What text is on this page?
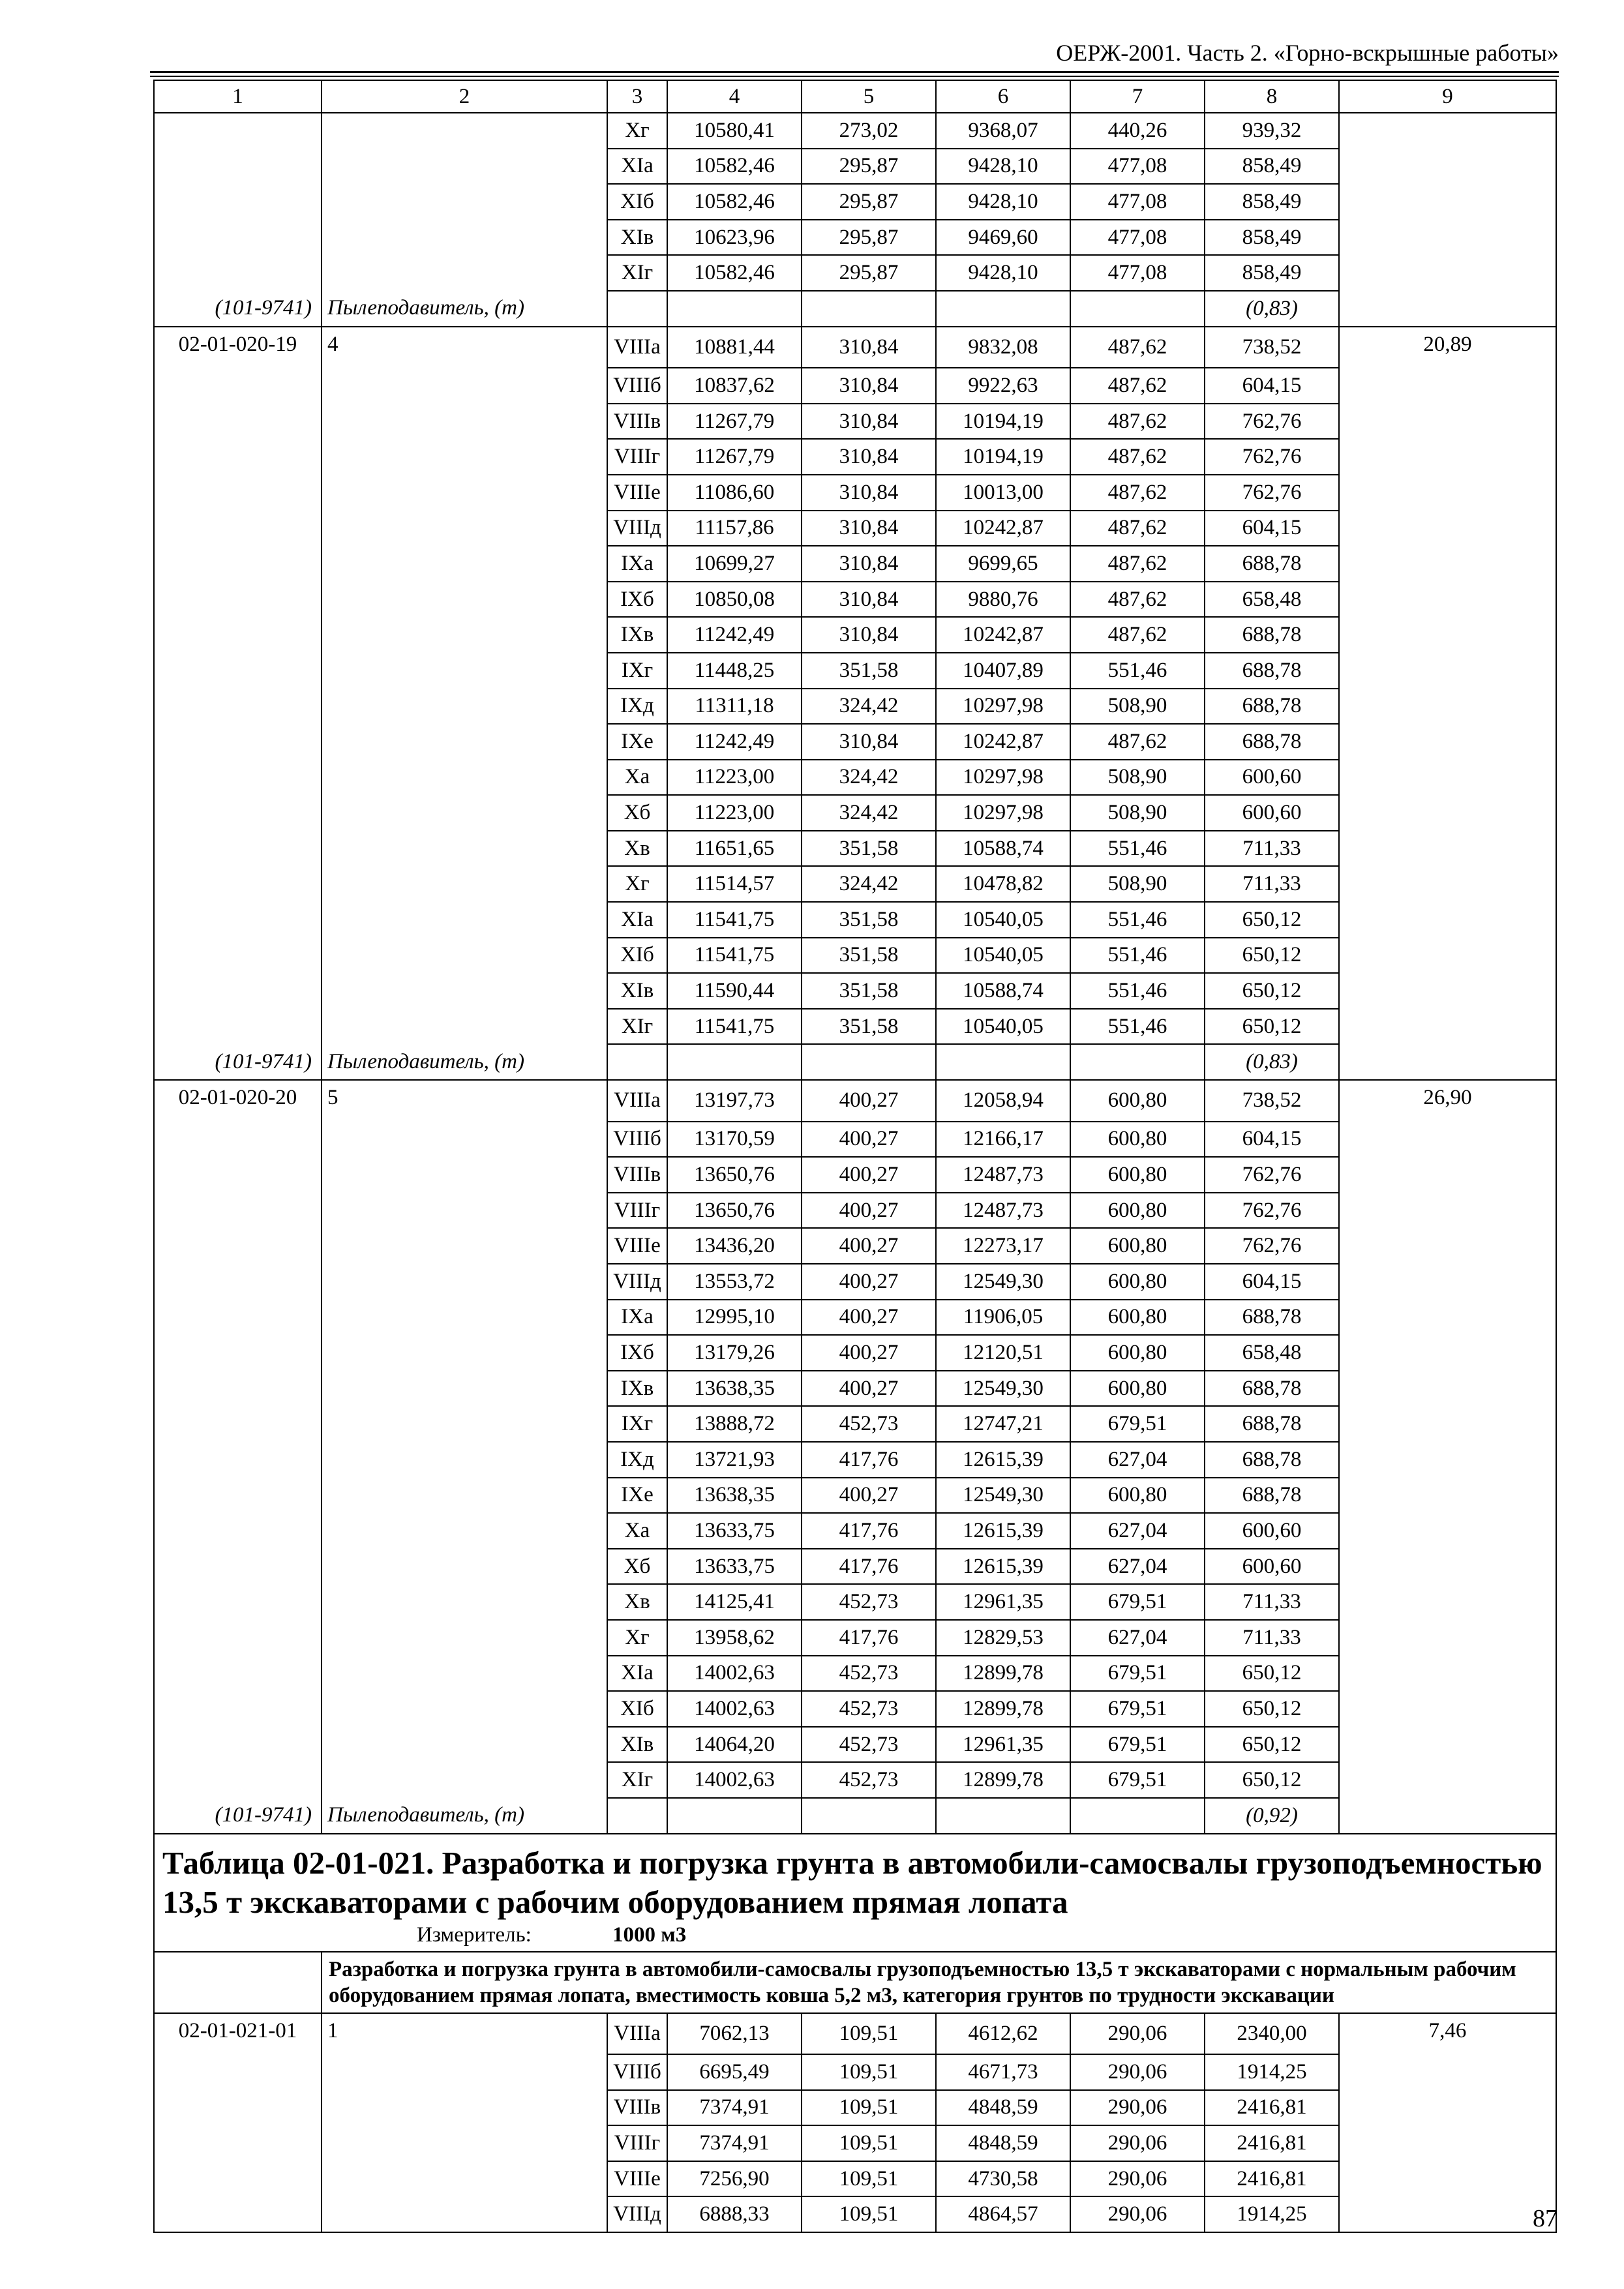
ОЕРЖ-2001. Часть 2. «Горно-вскрышные работы»
1	2	3	4	5	6	7	8	9
		Xг	10580,41	273,02	9368,07	440,26	939,32	
		XIa	10582,46	295,87	9428,10	477,08	858,49	
		XIб	10582,46	295,87	9428,10	477,08	858,49	
		XIв	10623,96	295,87	9469,60	477,08	858,49	
		XIг	10582,46	295,87	9428,10	477,08	858,49	
(101-9741)	Пылеподавитель, (т)						(0,83)	
02-01-020-19	4	VIIIa	10881,44	310,84	9832,08	487,62	738,52	20,89
		VIIIб	10837,62	310,84	9922,63	487,62	604,15	
		VIIIв	11267,79	310,84	10194,19	487,62	762,76	
		VIIIг	11267,79	310,84	10194,19	487,62	762,76	
		VIIIe	11086,60	310,84	10013,00	487,62	762,76	
		VIIIд	11157,86	310,84	10242,87	487,62	604,15	
		IXa	10699,27	310,84	9699,65	487,62	688,78	
		IXб	10850,08	310,84	9880,76	487,62	658,48	
		IXв	11242,49	310,84	10242,87	487,62	688,78	
		IXг	11448,25	351,58	10407,89	551,46	688,78	
		IXд	11311,18	324,42	10297,98	508,90	688,78	
		IXe	11242,49	310,84	10242,87	487,62	688,78	
		Xa	11223,00	324,42	10297,98	508,90	600,60	
		Xб	11223,00	324,42	10297,98	508,90	600,60	
		Xв	11651,65	351,58	10588,74	551,46	711,33	
		Xг	11514,57	324,42	10478,82	508,90	711,33	
		XIa	11541,75	351,58	10540,05	551,46	650,12	
		XIб	11541,75	351,58	10540,05	551,46	650,12	
		XIв	11590,44	351,58	10588,74	551,46	650,12	
		XIг	11541,75	351,58	10540,05	551,46	650,12	
(101-9741)	Пылеподавитель, (т)						(0,83)	
02-01-020-20	5	VIIIa	13197,73	400,27	12058,94	600,80	738,52	26,90
		VIIIб	13170,59	400,27	12166,17	600,80	604,15	
		VIIIв	13650,76	400,27	12487,73	600,80	762,76	
		VIIIг	13650,76	400,27	12487,73	600,80	762,76	
		VIIIe	13436,20	400,27	12273,17	600,80	762,76	
		VIIIд	13553,72	400,27	12549,30	600,80	604,15	
		IXa	12995,10	400,27	11906,05	600,80	688,78	
		IXб	13179,26	400,27	12120,51	600,80	658,48	
		IXв	13638,35	400,27	12549,30	600,80	688,78	
		IXг	13888,72	452,73	12747,21	679,51	688,78	
		IXд	13721,93	417,76	12615,39	627,04	688,78	
		IXe	13638,35	400,27	12549,30	600,80	688,78	
		Xa	13633,75	417,76	12615,39	627,04	600,60	
		Xб	13633,75	417,76	12615,39	627,04	600,60	
		Xв	14125,41	452,73	12961,35	679,51	711,33	
		Xг	13958,62	417,76	12829,53	627,04	711,33	
		XIa	14002,63	452,73	12899,78	679,51	650,12	
		XIб	14002,63	452,73	12899,78	679,51	650,12	
		XIв	14064,20	452,73	12961,35	679,51	650,12	
		XIг	14002,63	452,73	12899,78	679,51	650,12	
(101-9741)	Пылеподавитель, (т)						(0,92)	

Таблица 02-01-021. Разработка и погрузка грунта в автомобили-самосвалы грузоподъемностью 13,5 т экскаваторами с рабочим оборудованием прямая лопата
Измеритель: 1000 м3								

	Разработка и погрузка грунта в автомобили-самосвалы грузоподъемностью 13,5 т экскаваторами с нормальным рабочим оборудованием прямая лопата, вместимость ковша 5,2 м3, категория грунтов по трудности экскавации							
02-01-021-01	1	VIIIa	7062,13	109,51	4612,62	290,06	2340,00	7,46
		VIIIб	6695,49	109,51	4671,73	290,06	1914,25	
		VIIIв	7374,91	109,51	4848,59	290,06	2416,81	
		VIIIг	7374,91	109,51	4848,59	290,06	2416,81	
		VIIIe	7256,90	109,51	4730,58	290,06	2416,81	
		VIIIд	6888,33	109,51	4864,57	290,06	1914,25		87
